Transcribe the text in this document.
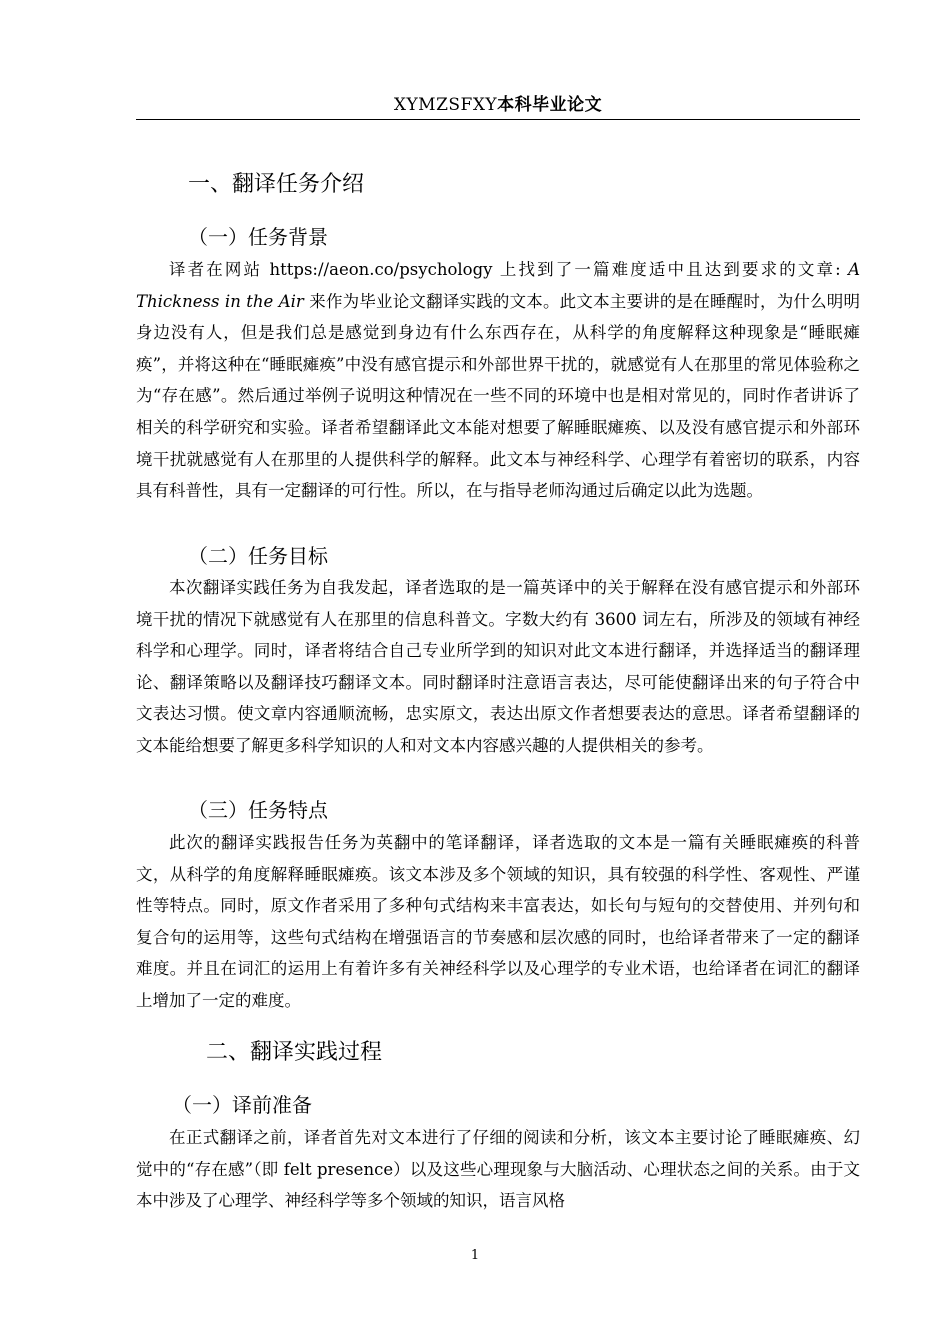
XYMZSFXY本科毕业论文
一、翻译任务介绍
（一）任务背景
译者在网站 https://aeon.co/psychology 上找到了一篇难度适中且达到要求的文章: A Thickness in the Air 来作为毕业论文翻译实践的文本。此文本主要讲的是在睡醒时，为什么明明身边没有人，但是我们总是感觉到身边有什么东西存在，从科学的角度解释这种现象是“睡眠瘫痪”，并将这种在“睡眠瘫痪”中没有感官提示和外部世界干扰的，就感觉有人在那里的常见体验称之为“存在感”。然后通过举例子说明这种情况在一些不同的环境中也是相对常见的，同时作者讲诉了相关的科学研究和实验。译者希望翻译此文本能对想要了解睡眠瘫痪、以及没有感官提示和外部环境干扰就感觉有人在那里的人提供科学的解释。此文本与神经科学、心理学有着密切的联系，内容具有科普性，具有一定翻译的可行性。所以，在与指导老师沟通过后确定以此为选题。
（二）任务目标
本次翻译实践任务为自我发起，译者选取的是一篇英译中的关于解释在没有感官提示和外部环境干扰的情况下就感觉有人在那里的信息科普文。字数大约有 3600 词左右，所涉及的领域有神经科学和心理学。同时，译者将结合自己专业所学到的知识对此文本进行翻译，并选择适当的翻译理论、翻译策略以及翻译技巧翻译文本。同时翻译时注意语言表达，尽可能使翻译出来的句子符合中文表达习惯。使文章内容通顺流畅，忠实原文，表达出原文作者想要表达的意思。译者希望翻译的文本能给想要了解更多科学知识的人和对文本内容感兴趣的人提供相关的参考。
（三）任务特点
此次的翻译实践报告任务为英翻中的笔译翻译，译者选取的文本是一篇有关睡眠瘫痪的科普文，从科学的角度解释睡眠瘫痪。该文本涉及多个领域的知识，具有较强的科学性、客观性、严谨性等特点。同时，原文作者采用了多种句式结构来丰富表达，如长句与短句的交替使用、并列句和复合句的运用等，这些句式结构在增强语言的节奏感和层次感的同时，也给译者带来了一定的翻译难度。并且在词汇的运用上有着许多有关神经科学以及心理学的专业术语，也给译者在词汇的翻译上增加了一定的难度。
二、翻译实践过程
（一）译前准备
在正式翻译之前，译者首先对文本进行了仔细的阅读和分析，该文本主要讨论了睡眠瘫痪、幻觉中的“存在感”（即 felt presence）以及这些心理现象与大脑活动、心理状态之间的关系。由于文本中涉及了心理学、神经科学等多个领域的知识，语言风格
1
